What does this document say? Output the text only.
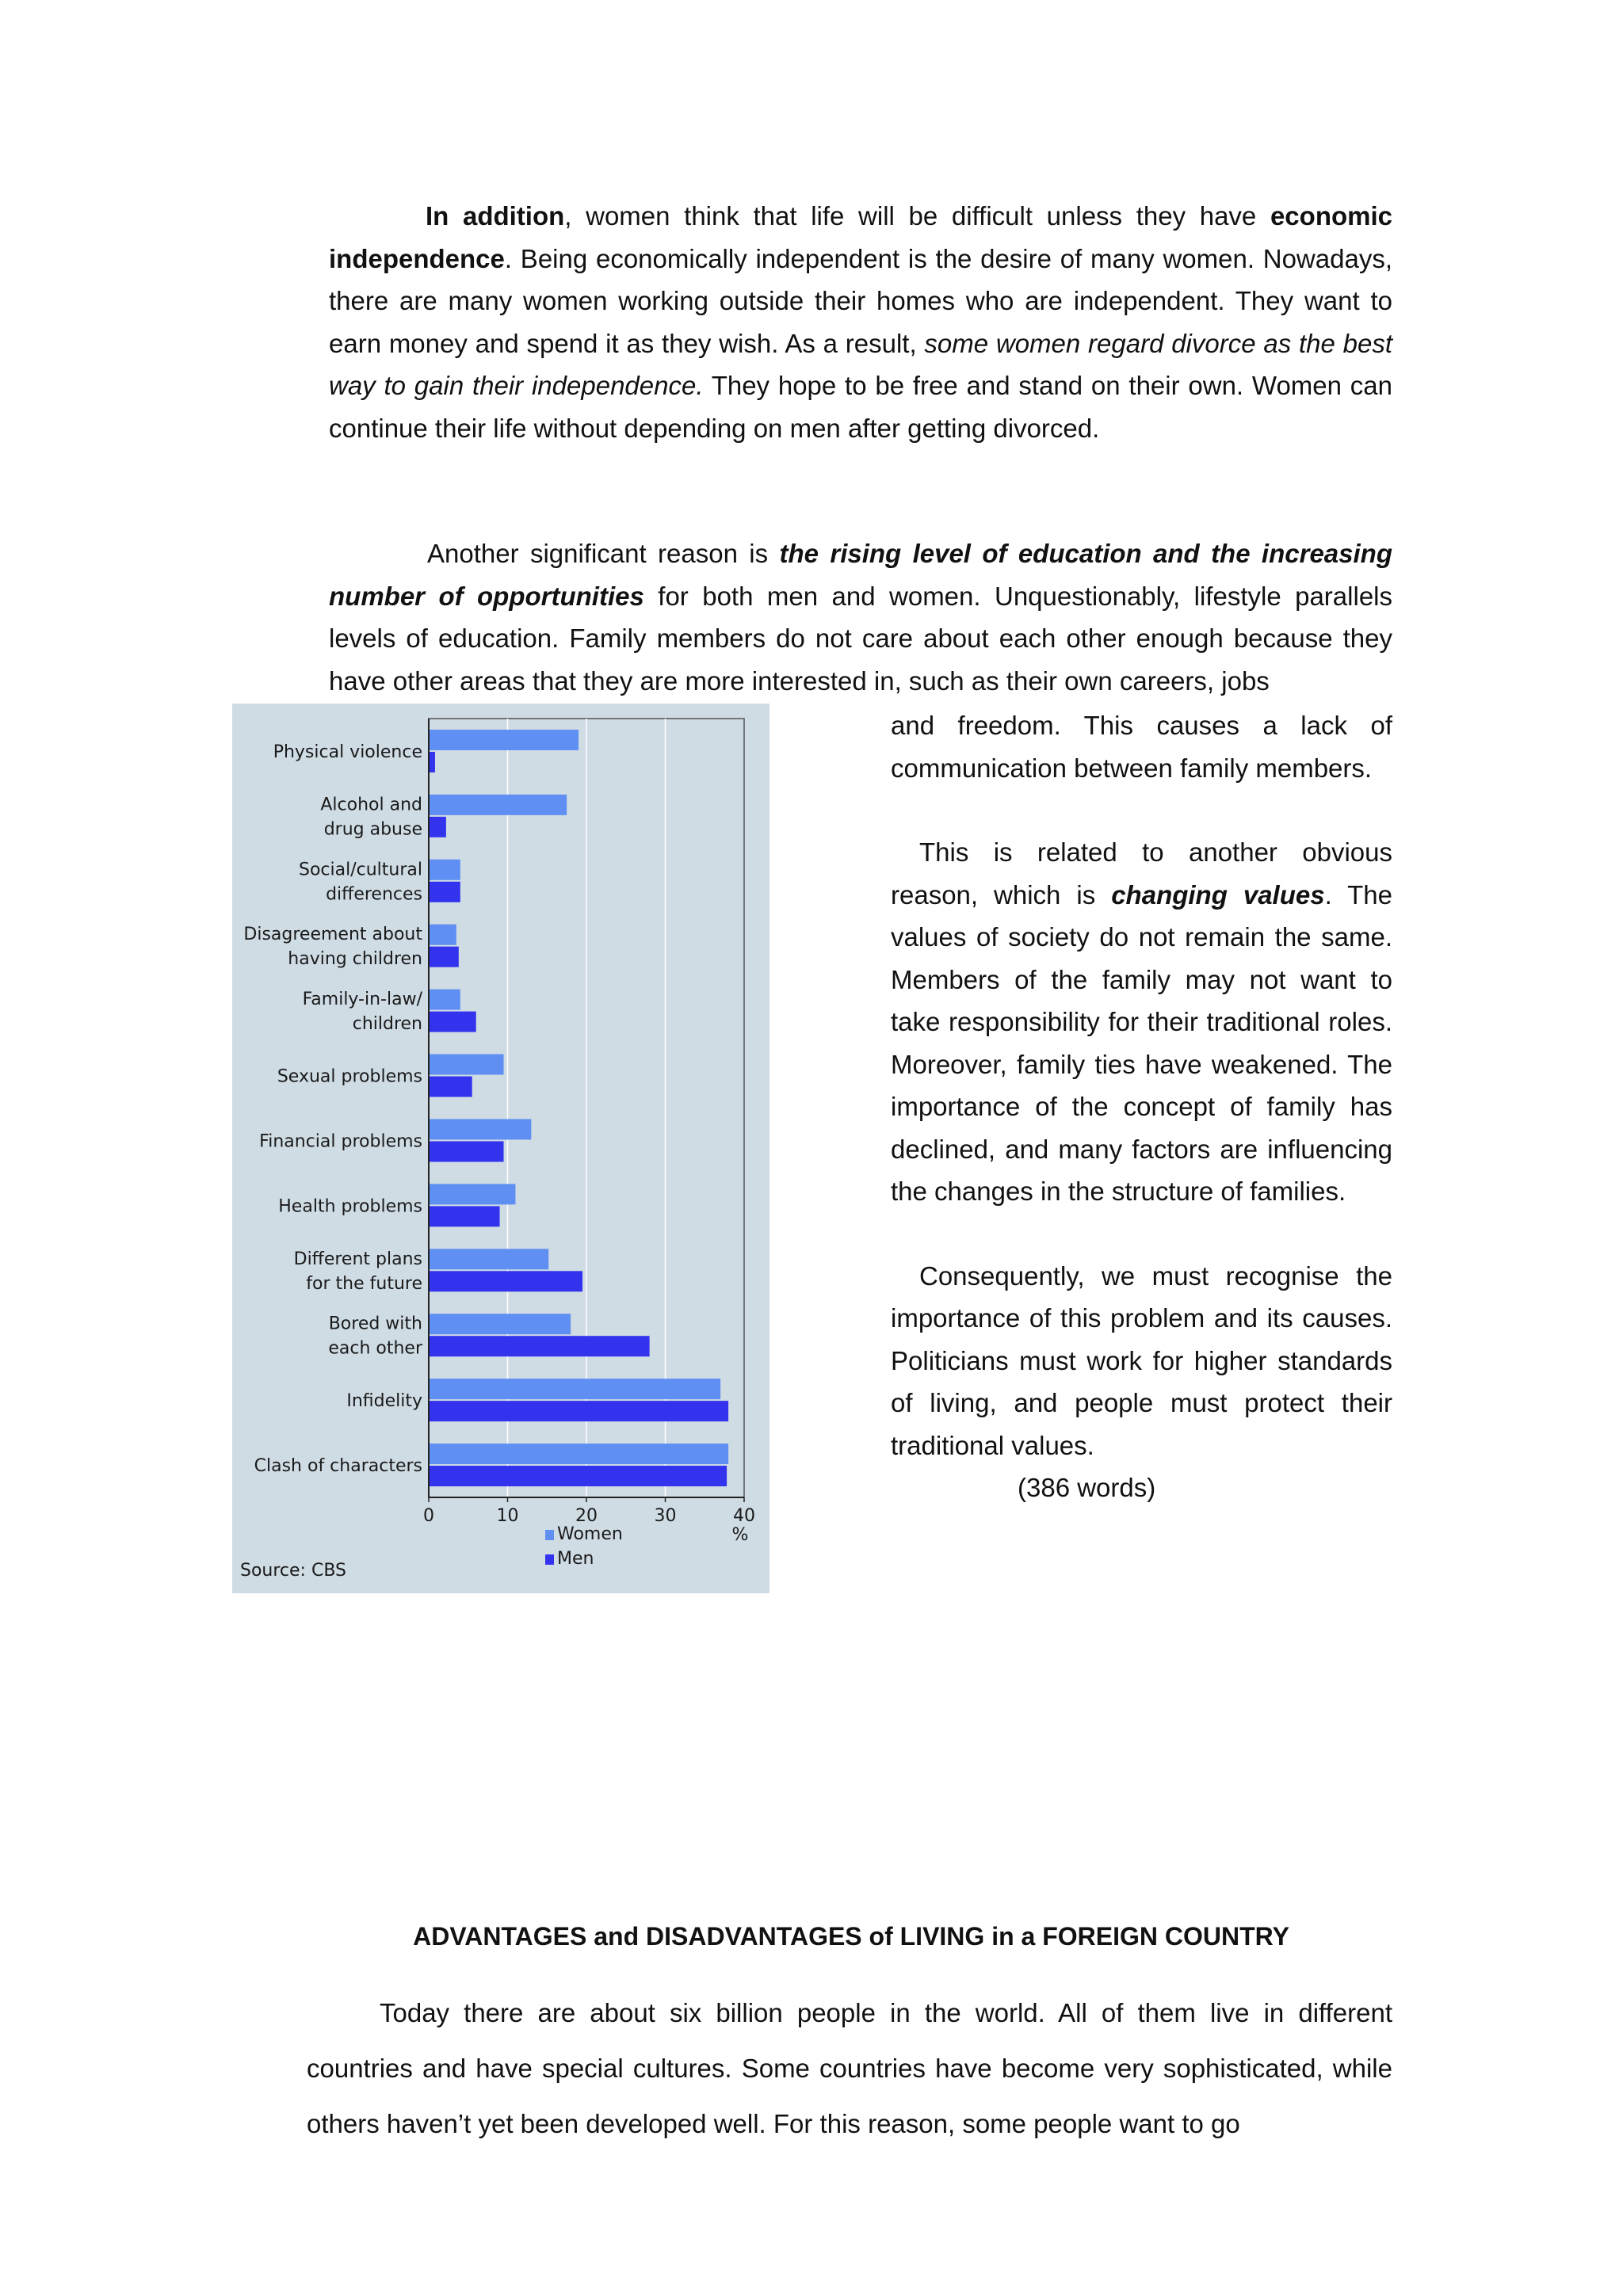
In addition, women think that life will be difficult unless they have economic independence. Being economically independent is the desire of many women. Nowadays, there are many women working outside their homes who are independent. They want to earn money and spend it as they wish. As a result, some women regard divorce as the best way to gain their independence. They hope to be free and stand on their own. Women can continue their life without depending on men after getting divorced.

Another significant reason is the rising level of education and the increasing number of opportunities for both men and women. Unquestionably, lifestyle parallels levels of education. Family members do not care about each other enough because they have other areas that they are more interested in, such as their own careers, jobs

and freedom. This causes a lack of communication between family members.

This is related to another obvious reason, which is changing values. The values of society do not remain the same. Members of the family may not want to take responsibility for their traditional roles. Moreover, family ties have weakened. The importance of the concept of family has declined, and many factors are influencing the changes in the structure of families.

Consequently, we must recognise the importance of this problem and its causes. Politicians must work for higher standards of living, and people must protect their traditional values.
(386 words)

Physical violence
Alcohol and
drug abuse
Social/cultural
differences
Disagreement about
having children
Family-in-law/
children
Sexual problems
Financial problems
Health problems
Different plans
for the future
Bored with
each other
Infidelity
Clash of characters
0	10	20	30	40
%
Women
Men
Source: CBS
ADVANTAGES and DISADVANTAGES of LIVING in a FOREIGN COUNTRY

Today there are about six billion people in the world. All of them live in different countries and have special cultures. Some countries have become very sophisticated, while others haven’t yet been developed well. For this reason, some people want to go
